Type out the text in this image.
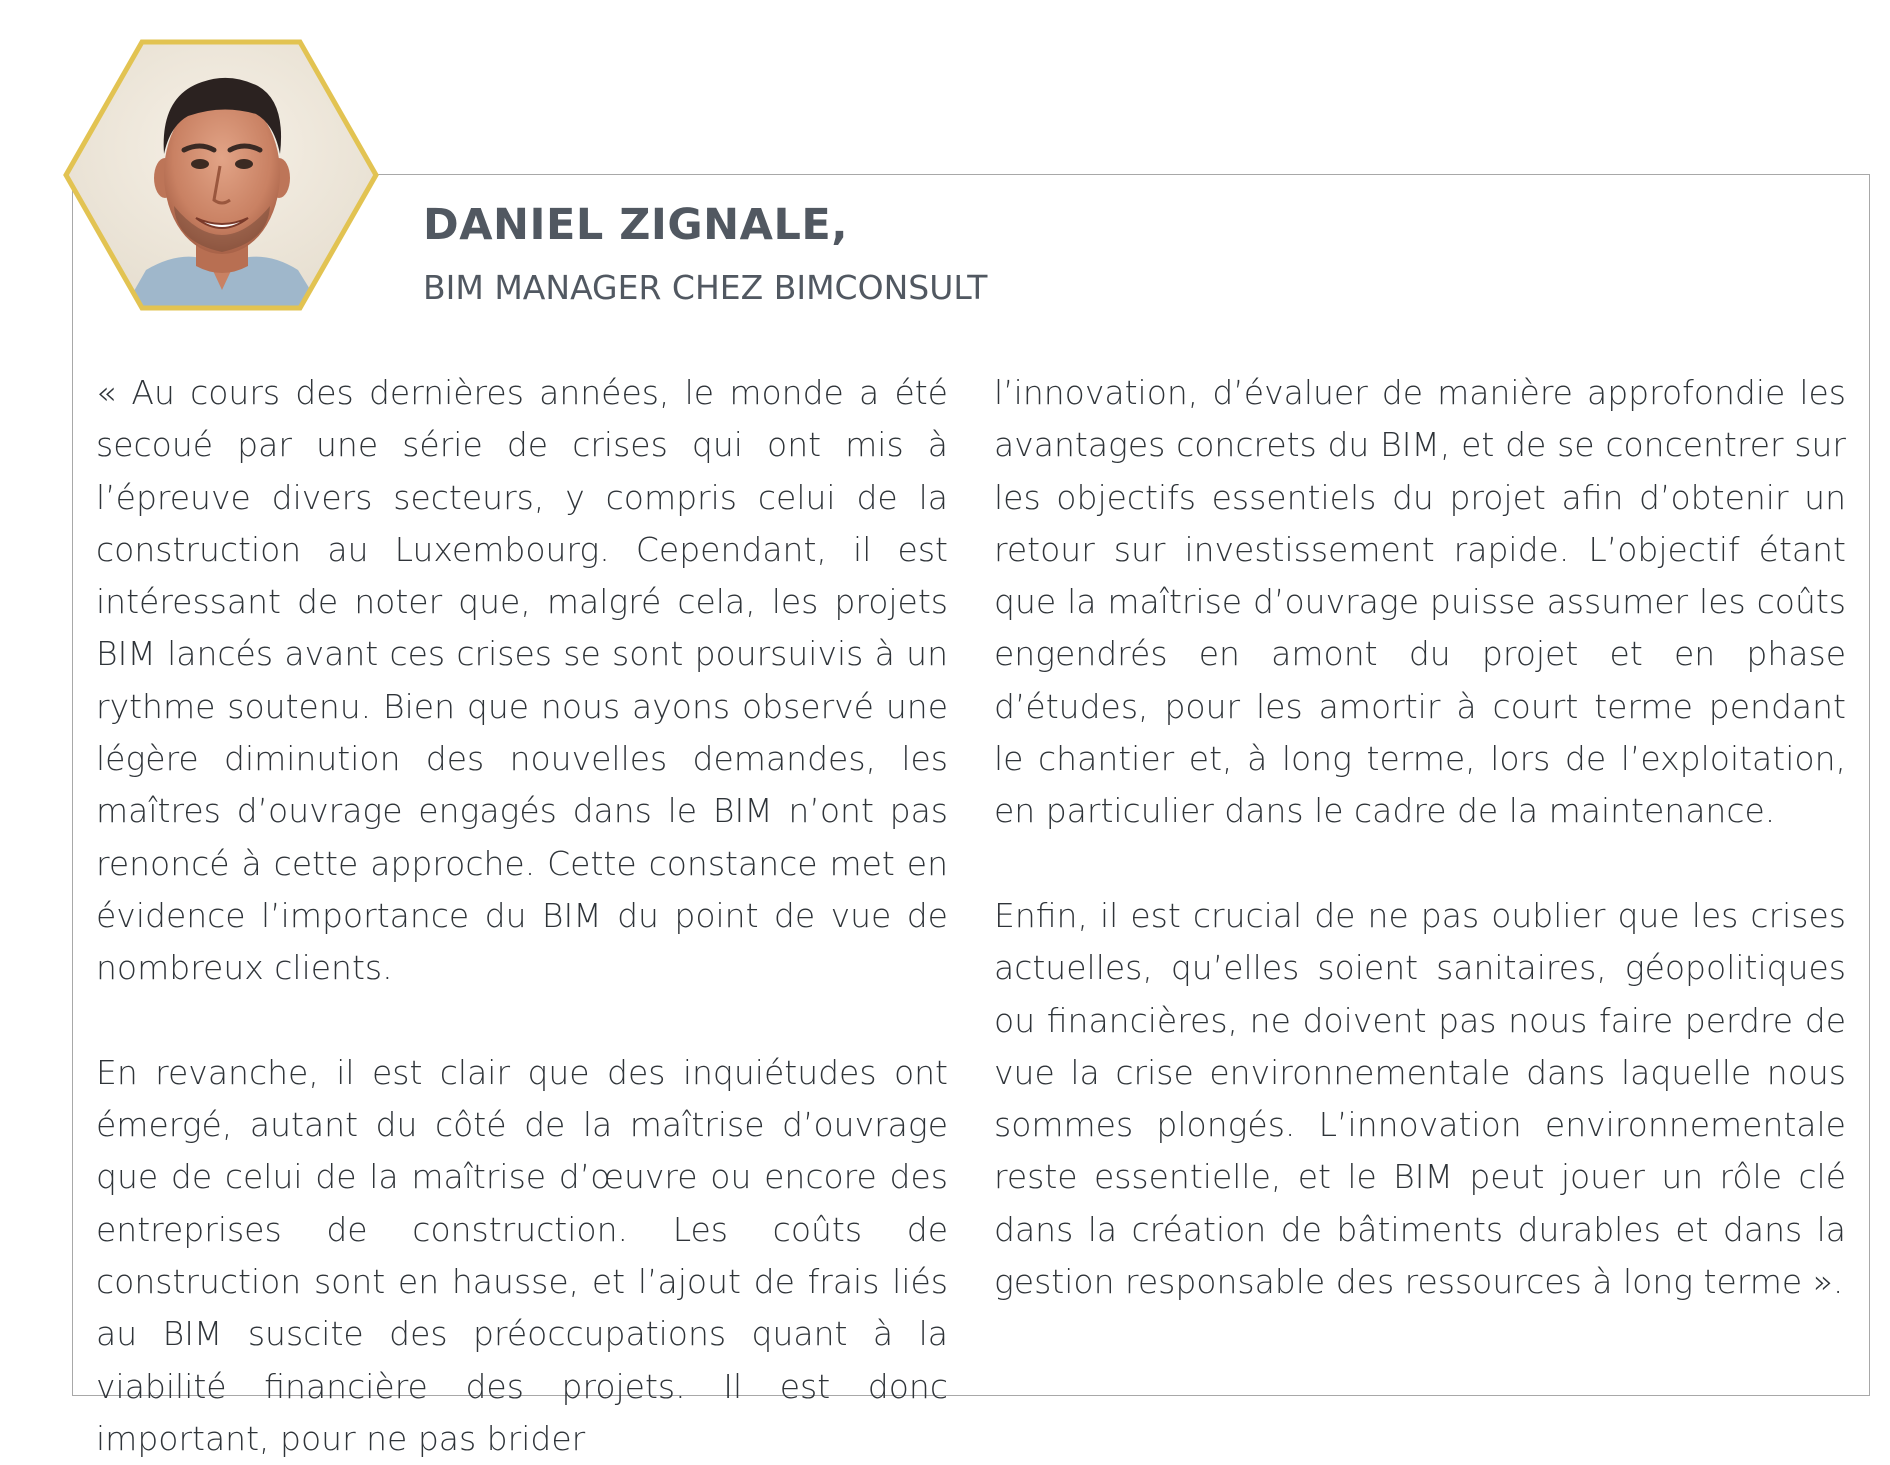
DANIEL ZIGNALE,
BIM MANAGER CHEZ BIMCONSULT

« Au cours des dernières années, le monde a été secoué par une série de crises qui ont mis à l’épreuve divers secteurs, y compris celui de la construction au Luxembourg. Cependant, il est intéressant de noter que, malgré cela, les projets BIM lancés avant ces crises se sont poursuivis à un rythme soutenu. Bien que nous ayons observé une légère diminution des nouvelles demandes, les maîtres d’ouvrage engagés dans le BIM n’ont pas renoncé à cette approche. Cette constance met en évidence l’importance du BIM du point de vue de nombreux clients.

En revanche, il est clair que des inquiétudes ont émergé, autant du côté de la maîtrise d’ouvrage que de celui de la maîtrise d’œuvre ou encore des entreprises de construction. Les coûts de construction sont en hausse, et l’ajout de frais liés au BIM suscite des préoccupations quant à la viabilité financière des projets. Il est donc important, pour ne pas brider

l’innovation, d’évaluer de manière approfondie les avantages concrets du BIM, et de se concentrer sur les objectifs essentiels du projet afin d’obtenir un retour sur investissement rapide. L’objectif étant que la maîtrise d’ouvrage puisse assumer les coûts engendrés en amont du projet et en phase d’études, pour les amortir à court terme pendant le chantier et, à long terme, lors de l’exploitation, en particulier dans le cadre de la maintenance.

Enfin, il est crucial de ne pas oublier que les crises actuelles, qu’elles soient sanitaires, géopolitiques ou financières, ne doivent pas nous faire perdre de vue la crise environnementale dans laquelle nous sommes plongés. L’innovation environnementale reste essentielle, et le BIM peut jouer un rôle clé dans la création de bâtiments durables et dans la gestion responsable des ressources à long terme ».
